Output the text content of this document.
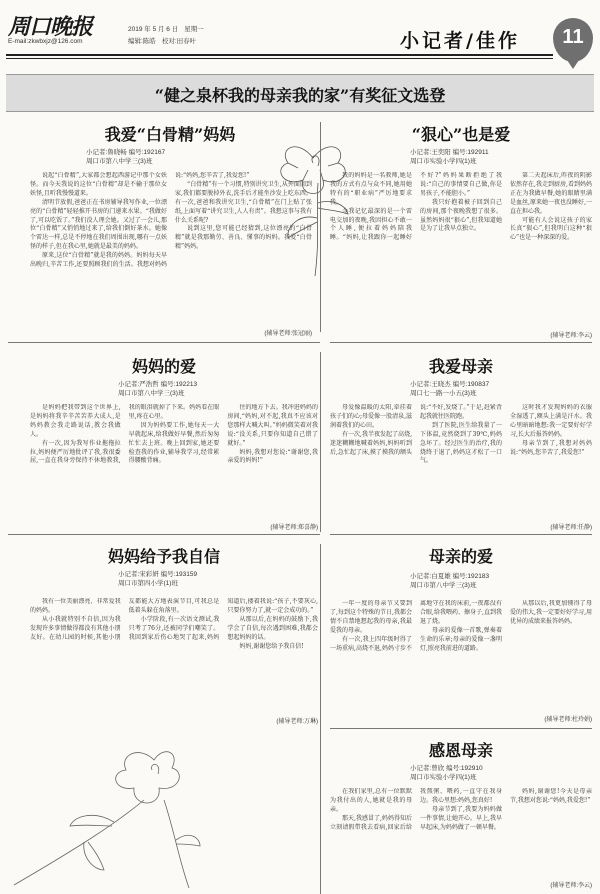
周口晚报
E-mail:zkwbxjz@126.com
2019 年 5 月 6 日 星期一
编辑:陈皓 校对:田春叶	小记者/佳作	11
“健之泉杯我的母亲我的家”有奖征文选登
我爱“白骨精”妈妈
小记者:鲁晓畅 编号:192167
周口市第八中学三(3)班

说起“白骨精”,大家都会想起西游记中那个女妖怪。而今天我说的这位“白骨精”却是不输于那位女妖怪,且听我慢慢道来。

清明节放假,爸爸正在书房辅导我写作业,一位漂亮的“白骨精”轻轻推开书房的门递来水果。“我做好了,可以吃饭了。”我们没人理会她。又过了一会儿,那位“白骨精”又悄悄地过来了,给我们倒好茶水。她像个雷达一样,总是不停地在我们周围出现,哪有一点妖怪的样子,但在我心里,她就是最美的妈妈。

原来,这位“白骨精”就是我的妈妈。妈妈每天早出晚归,辛苦工作,还要照顾我们的生活。我想对妈妈说:“妈妈,您辛苦了,我爱您!”

“白骨精”有一个习惯,特别讲究卫生,从外面回到家,我们都要脱掉外衣,洗手后才能坐沙发上吃东西。有一次,爸爸和我讲究卫生,“白骨精”在门上贴了张纸,上面写着“讲究卫生,人人有责”。我想这事与我有什么关系呢?

说到这里,您可能已经猜到,这位漂亮的“白骨精”就是我那勤劳、善良、懂事的妈妈。我爱“白骨精”妈妈。

(辅导老师:张冠丽)
“狠心”也是爱
小记者:王奕阳 编号:192911
周口市实验小学四(1)班

我的妈妈是一名教师,她是我的方式有点与众不同,她用她特有的“职业病”严厉地要求我。

今我记忆最深的是一个雷电交加的夜晚,我因担心不敢一个人睡,便拉着妈妈陪我睡。“妈妈,让我跟你一起睡好不好?”妈妈果断拒绝了我说:“自己的事情要自己做,你是男孩子,不能胆小。”

我只好抱着被子回到自己的房间,那个夜晚我想了很多。虽然妈妈很“狠心”,但我知道她是为了让我早点独立。

第二天起床后,昨夜的阴影依然存在,我走到厨房,看到妈妈正在为我做早餐,她的眼睛里满是血丝,原来她一夜也没睡好,一直在担心我。

可能有人会说这孩子的家长真“狠心”,但我明白这种“狠心”也是一种深深的爱。

(辅导老师:李云)
妈妈的爱
小记者:严浩哲 编号:192213
周口市第八中学三(3)班

是妈妈把我带到这个世界上,是妈妈将我辛辛苦苦养大成人,是妈妈教会我走路说话,教会我做人。

有一次,因为我写作业拖拖拉拉,妈妈便严厉地批评了我,我很委屈,一直在我身旁保持不休地教我,我的眼泪就掉了下来。妈妈看在眼里,疼在心里。

因为妈妈要工作,她每天一大早就起床,给我做好早餐,然后匆匆忙忙去上班。晚上回到家,她还要检查我的作业,辅导我学习,经常累得腰酸背痛。

住的地方下去。我冲进妈妈的房间,“妈妈,对不起,我真不应该对您那样大喊大叫。”妈妈微笑着对我说:“没关系,只要你知道自己错了就好。”

妈妈,我想对您说:“谢谢您,我亲爱的妈妈!”

(辅导老师:郑喜静)
我爱母亲
小记者:王晓杰 编号:190837
周口七一路一小五(3)班

母爱像温暖的太阳,牵挂着孩子们的心;母爱像一股清泉,滋润着我们的心田。

有一次,我半夜发起了高烧,迷迷糊糊地喊着妈妈,妈妈听到后,急忙起了床,摸了摸我的额头说:“不好,发烧了。”于是,赶紧背起我就往医院跑。

到了医院,医生给我量了一下体温,竟然烧到了39℃,妈妈急坏了。经过医生的治疗,我的烧终于退了,妈妈这才松了一口气。

这时我才发现妈妈的衣服全湿透了,额头上满是汗水。我心里暗暗地想:我一定要好好学习,长大后报答妈妈。

母亲节到了,我想对妈妈说:“妈妈,您辛苦了,我爱您!”

(辅导老师:任静)
妈妈给予我自信
小记者:宋彩妍 编号:193159
周口市第四小学(1)班

我有一位美丽漂亮、非常爱我的妈妈。

从小我就特别不自信,因为我发现许多事情做得都没有其他小朋友好。在幼儿园的时候,其他小朋友都能大方地表演节目,可我总是低着头躲在角落里。

小学阶段,有一次语文测试,我只考了76分,还被同学们嘲笑了。我回到家后伤心地哭了起来,妈妈知道后,搂着我说:“孩子,不要灰心,只要你努力了,就一定会成功的。”

从那以后,在妈妈的鼓励下,我学会了自信,每次遇到困难,我都会想起妈妈的话。

妈妈,谢谢您给予我自信!

(辅导老师:万琳)
母亲的爱
小记者:白夏雄 编号:192183
周口市第八中学三(3)班

一年一度的母亲节又要到了,每到这个特殊的节日,我都会情不自禁地想起我的母亲,我最爱我的母亲。

有一次,我上四年级时得了一场重病,高烧不退,妈妈寸步不离地守在我的床前,一夜都没有合眼,给我喂药、擦身子,直到我退了烧。

母亲的爱像一首歌,弹奏着生命的乐章;母亲的爱像一盏明灯,照亮我前进的道路。

从那以后,我更加懂得了母爱的伟大,我一定要好好学习,用优异的成绩来报答妈妈。

(辅导老师:杜玲娟)
感恩母亲
小记者:曾欣 编号:192910
周口市实验小学四(1)班

在我们家里,总有一位默默为我付出的人,她就是我的母亲。

那天,我感冒了,妈妈得知后立刻请假带我去看病,回家后给我熬粥、喂药,一直守在我身边。我心里想:妈妈,您真好!

母亲节到了,我要为妈妈做一件事情,让她开心。早上,我早早起床,为妈妈做了一顿早餐。

妈妈,谢谢您!今天是母亲节,我想对您说:“妈妈,我爱您!”

(辅导老师:李云)
